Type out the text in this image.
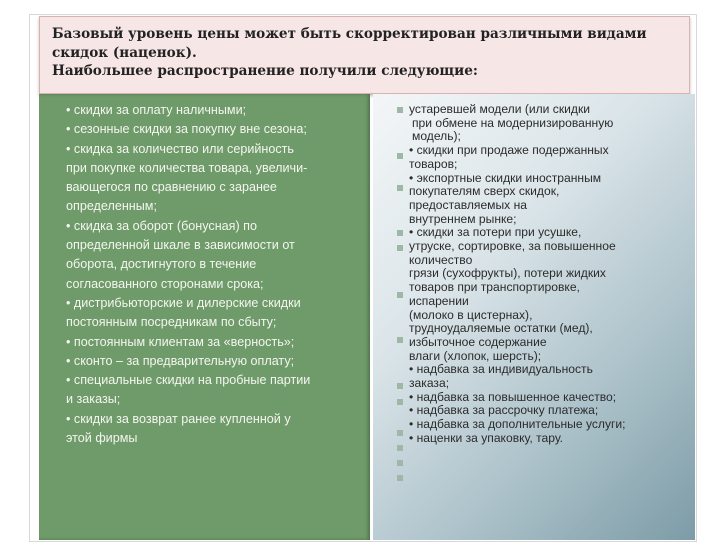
Базовый уровень цены может быть скорректирован различными видами

скидок (наценок).

Наибольшее распространение получили следующие:

• скидки за оплату наличными;
• сезонные скидки за покупку вне сезона;
• скидка за количество или серийность
при покупке количества товара, увеличи-
вающегося по сравнению с заранее
определенным;
• скидка за оборот (бонусная) по
определенной шкале в зависимости от
оборота, достигнутого в течение
согласованного сторонами срока;
• дистрибьюторские и дилерские скидки
постоянным посредникам по сбыту;
• постоянным клиентам за «верность»;
• сконто – за предварительную оплату;
• специальные скидки на пробные партии
и заказы;
• скидки за возврат ранее купленной у
этой фирмы
устаревшей модели (или скидки
при обмене на модернизированную
модель);
• скидки при продаже подержанных
товаров;
• экспортные скидки иностранным
покупателям сверх скидок,
предоставляемых на
внутреннем рынке;
• скидки за потери при усушке,
утруске, сортировке, за повышенное
количество
грязи (сухофрукты), потери жидких
товаров при транспортировке,
испарении
(молоко в цистернах),
трудноудаляемые остатки (мед),
избыточное содержание
влаги (хлопок, шерсть);
• надбавка за индивидуальность
заказа;
• надбавка за повышенное качество;
• надбавка за рассрочку платежа;
• надбавка за дополнительные услуги;
• наценки за упаковку, тару.
